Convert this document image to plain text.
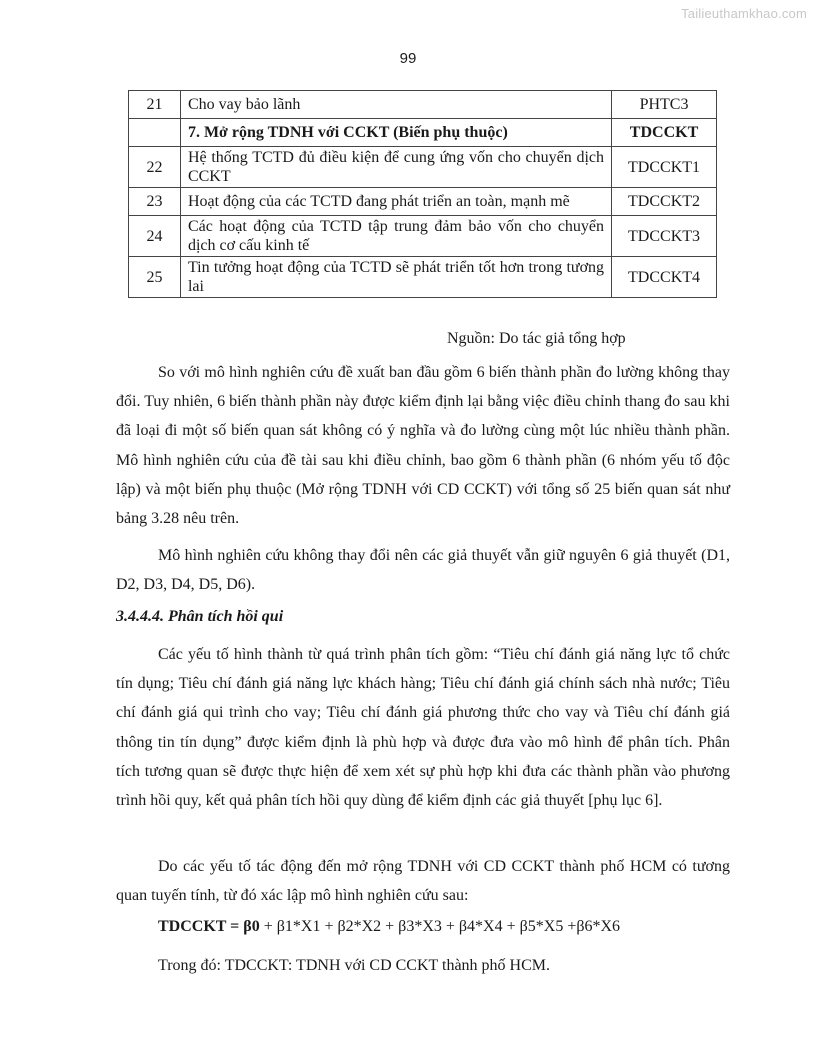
Tailieuthamkhao.com
99
21	Cho vay bảo lãnh	PHTC3
	7. Mở rộng TDNH với CCKT (Biến phụ thuộc)	TDCCKT
22	Hệ thống TCTD đủ điều kiện để cung ứng vốn cho chuyển dịch CCKT	TDCCKT1
23	Hoạt động của các TCTD đang phát triển an toàn, mạnh mẽ	TDCCKT2
24	Các hoạt động của TCTD tập trung đảm bảo vốn cho chuyển dịch cơ cấu kinh tế	TDCCKT3
25	Tin tưởng hoạt động của TCTD sẽ phát triển tốt hơn trong tương lai	TDCCKT4
Nguồn: Do tác giả tổng hợp

So với mô hình nghiên cứu đề xuất ban đầu gồm 6 biến thành phần đo lường không thay đổi. Tuy nhiên, 6 biến thành phần này được kiểm định lại bằng việc điều chỉnh thang đo sau khi đã loại đi một số biến quan sát không có ý nghĩa và đo lường cùng một lúc nhiều thành phần. Mô hình nghiên cứu của đề tài sau khi điều chỉnh, bao gồm 6 thành phần (6 nhóm yếu tố độc lập) và một biến phụ thuộc (Mở rộng TDNH với CD CCKT) với tổng số 25 biến quan sát như bảng 3.28 nêu trên.

Mô hình nghiên cứu không thay đổi nên các giả thuyết vẫn giữ nguyên 6 giả thuyết (D1, D2, D3, D4, D5, D6).

3.4.4.4. Phân tích hồi qui

Các yếu tố hình thành từ quá trình phân tích gồm: “Tiêu chí đánh giá năng lực tổ chức tín dụng; Tiêu chí đánh giá năng lực khách hàng; Tiêu chí đánh giá chính sách nhà nước; Tiêu chí đánh giá qui trình cho vay; Tiêu chí đánh giá phương thức cho vay và Tiêu chí đánh giá thông tin tín dụng” được kiểm định là phù hợp và được đưa vào mô hình để phân tích. Phân tích tương quan sẽ được thực hiện để xem xét sự phù hợp khi đưa các thành phần vào phương trình hồi quy, kết quả phân tích hồi quy dùng để kiểm định các giả thuyết [phụ lục 6].

Do các yếu tố tác động đến mở rộng TDNH với CD CCKT thành phố HCM có tương quan tuyến tính, từ đó xác lập mô hình nghiên cứu sau:

TDCCKT = β0 + β1*X1 + β2*X2 + β3*X3 + β4*X4 + β5*X5 +β6*X6

Trong đó: TDCCKT: TDNH với CD CCKT thành phố HCM.
